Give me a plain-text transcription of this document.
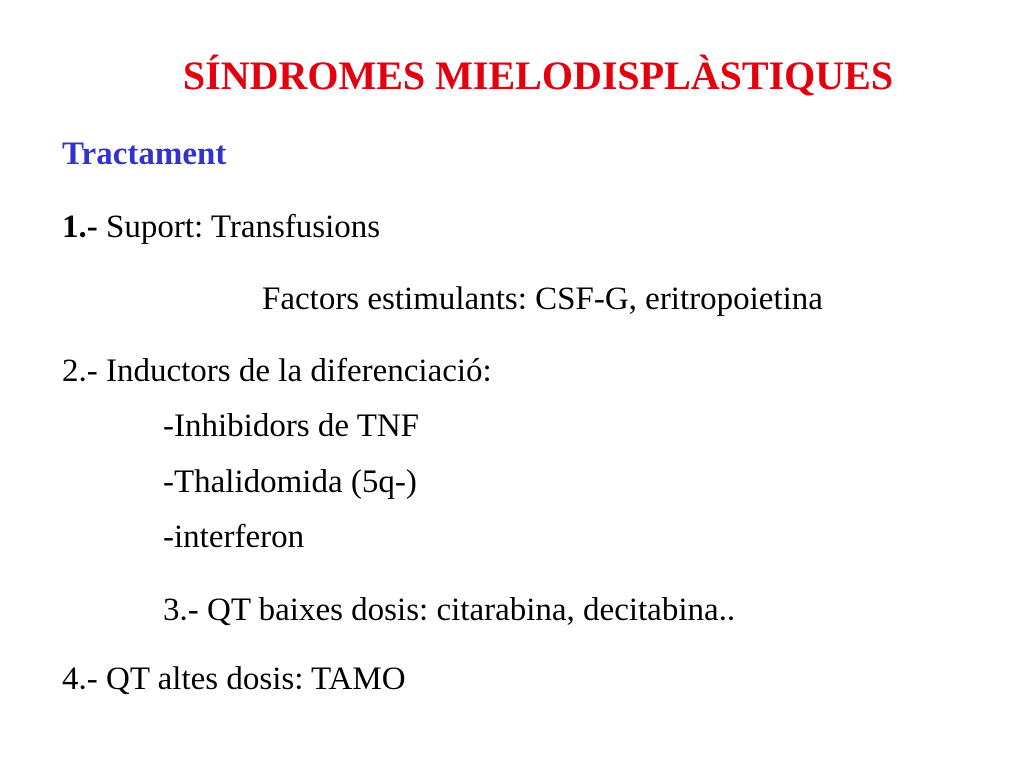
SÍNDROMES MIELODISPLÀSTIQUES
Tractament
1.- Suport: Transfusions
Factors estimulants: CSF-G, eritropoietina
2.- Inductors de la diferenciació:
-Inhibidors de TNF
-Thalidomida (5q-)
-interferon
3.- QT baixes dosis: citarabina, decitabina..
4.- QT altes dosis: TAMO
